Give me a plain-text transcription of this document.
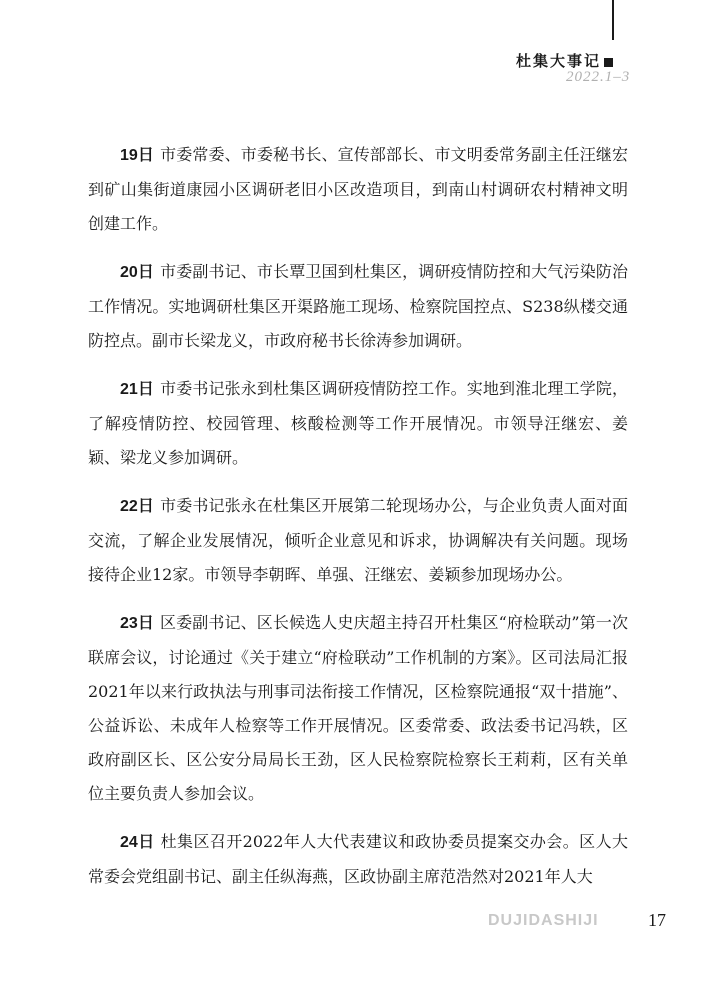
杜集大事记
2022.1–3

19日 市委常委、市委秘书长、宣传部部长、市文明委常务副主任汪继宏到矿山集街道康园小区调研老旧小区改造项目，到南山村调研农村精神文明创建工作。

20日 市委副书记、市长覃卫国到杜集区，调研疫情防控和大气污染防治工作情况。实地调研杜集区开渠路施工现场、检察院国控点、S238纵楼交通防控点。副市长梁龙义，市政府秘书长徐涛参加调研。

21日 市委书记张永到杜集区调研疫情防控工作。实地到淮北理工学院，了解疫情防控、校园管理、核酸检测等工作开展情况。市领导汪继宏、姜颖、梁龙义参加调研。

22日 市委书记张永在杜集区开展第二轮现场办公，与企业负责人面对面交流，了解企业发展情况，倾听企业意见和诉求，协调解决有关问题。现场接待企业12家。市领导李朝晖、单强、汪继宏、姜颖参加现场办公。

23日 区委副书记、区长候选人史庆超主持召开杜集区“府检联动”第一次联席会议，讨论通过《关于建立“府检联动”工作机制的方案》。区司法局汇报2021年以来行政执法与刑事司法衔接工作情况，区检察院通报“双十措施”、公益诉讼、未成年人检察等工作开展情况。区委常委、政法委书记冯轶，区政府副区长、区公安分局局长王劲，区人民检察院检察长王莉莉，区有关单位主要负责人参加会议。

24日 杜集区召开2022年人大代表建议和政协委员提案交办会。区人大常委会党组副书记、副主任纵海燕，区政协副主席范浩然对2021年人大

DUJIDASHIJI	17
